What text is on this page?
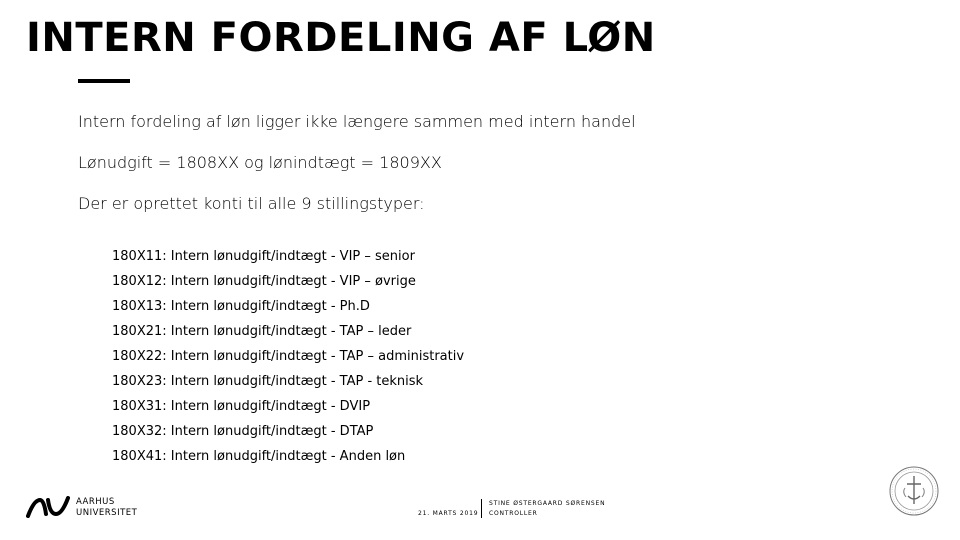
INTERN FORDELING AF LØN

Intern fordeling af løn ligger ikke længere sammen med intern handel

Lønudgift = 1808XX og lønindtægt = 1809XX

Der er oprettet konti til alle 9 stillingstyper:

180X11: Intern lønudgift/indtægt - VIP – senior
180X12: Intern lønudgift/indtægt - VIP – øvrige
180X13: Intern lønudgift/indtægt - Ph.D
180X21: Intern lønudgift/indtægt - TAP – leder
180X22: Intern lønudgift/indtægt - TAP – administrativ
180X23: Intern lønudgift/indtægt - TAP - teknisk
180X31: Intern lønudgift/indtægt - DVIP
180X32: Intern lønudgift/indtægt - DTAP
180X41: Intern lønudgift/indtægt - Anden løn
AARHUS
UNIVERSITET	21. MARTS 2019
STINE ØSTERGAARD SØRENSEN
CONTROLLER
